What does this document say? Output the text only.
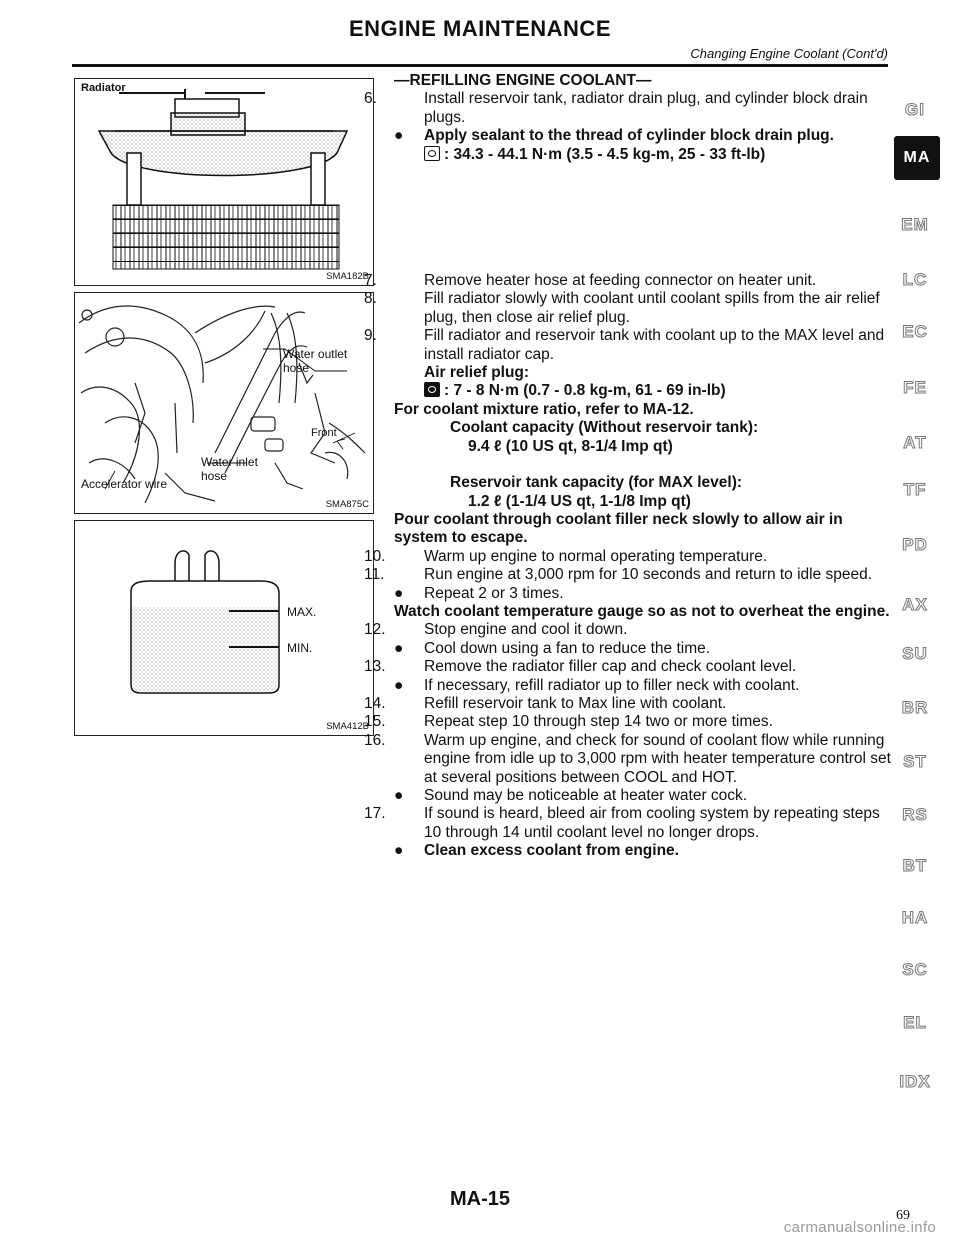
ENGINE MAINTENANCE
Changing Engine Coolant (Cont'd)
Radiator
SMA182B
Water outlet
hose
Water inlet
hose
Accelerator wire
Front
SMA875C
MAX.
MIN.
SMA412B

—REFILLING ENGINE COOLANT—

6.	Install reservoir tank, radiator drain plug, and cylinder block drain plugs.

● Apply sealant to the thread of cylinder block drain plug.

: 34.3 - 44.1 N·m (3.5 - 4.5 kg-m, 25 - 33 ft-lb)

7.	Remove heater hose at feeding connector on heater unit.

8.	Fill radiator slowly with coolant until coolant spills from the air relief plug, then close air relief plug.

9.	Fill radiator and reservoir tank with coolant up to the MAX level and install radiator cap.

Air relief plug:

: 7 - 8 N·m (0.7 - 0.8 kg-m, 61 - 69 in-lb)

For coolant mixture ratio, refer to MA-12.

Coolant capacity (Without reservoir tank):

9.4 ℓ (10 US qt, 8-1/4 Imp qt)

Reservoir tank capacity (for MAX level):

1.2 ℓ (1-1/4 US qt, 1-1/8 Imp qt)

Pour coolant through coolant filler neck slowly to allow air in system to escape.

10. Warm up engine to normal operating temperature.

11.	Run engine at 3,000 rpm for 10 seconds and return to idle speed.

● Repeat 2 or 3 times.

Watch coolant temperature gauge so as not to overheat the engine.

12. Stop engine and cool it down.

● Cool down using a fan to reduce the time.

13. Remove the radiator filler cap and check coolant level.

● If necessary, refill radiator up to filler neck with coolant.

14. Refill reservoir tank to Max line with coolant.

15. Repeat step 10 through step 14 two or more times.

16. Warm up engine, and check for sound of coolant flow while running engine from idle up to 3,000 rpm with heater temperature control set at several positions between COOL and HOT.

● Sound may be noticeable at heater water cock.

17. If sound is heard, bleed air from cooling system by repeating steps 10 through 14 until coolant level no longer drops.

● Clean excess coolant from engine.

GI
MA
EM
LC
EC
FE
AT
TF
PD
AX
SU
BR
ST
RS
BT
HA
SC
EL
IDX
MA-15
69
carmanualsonline.info
